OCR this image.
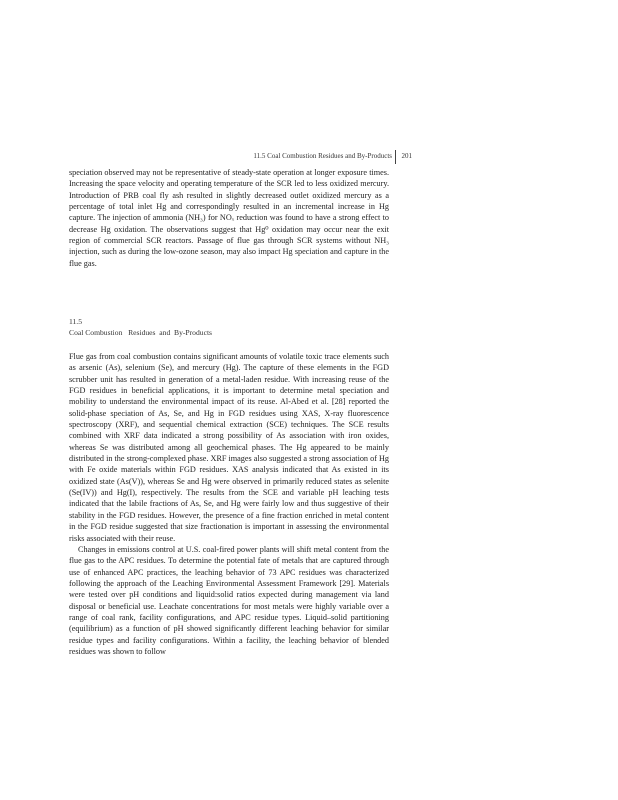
11.5 Coal Combustion Residues and By-Products 201

speciation observed may not be representative of steady-state operation at longer exposure times. Increasing the space velocity and operating temperature of the SCR led to less oxidized mercury. Introduction of PRB coal fly ash resulted in slightly decreased outlet oxidized mercury as a percentage of total inlet Hg and correspondingly resulted in an incremental increase in Hg capture. The injection of ammonia (NH₃) for NOₓ reduction was found to have a strong effect to decrease Hg oxidation. The observations suggest that Hg⁰ oxidation may occur near the exit region of commercial SCR reactors. Passage of flue gas through SCR systems without NH₃ injection, such as during the low-ozone season, may also impact Hg speciation and capture in the flue gas.

11.5
Coal Combustion   Residues  and  By-Products

Flue gas from coal combustion contains significant amounts of volatile toxic trace elements such as arsenic (As), selenium (Se), and mercury (Hg). The capture of these elements in the FGD scrubber unit has resulted in generation of a metal-laden residue. With increasing reuse of the FGD residues in beneficial applications, it is important to determine metal speciation and mobility to understand the environmental impact of its reuse. Al-Abed et al. [28] reported the solid-phase speciation of As, Se, and Hg in FGD residues using XAS, X-ray fluorescence spectroscopy (XRF), and sequential chemical extraction (SCE) techniques. The SCE results combined with XRF data indicated a strong possibility of As association with iron oxides, whereas Se was distributed among all geochemical phases. The Hg appeared to be mainly distributed in the strong-complexed phase. XRF images also suggested a strong association of Hg with Fe oxide materials within FGD residues. XAS analysis indicated that As existed in its oxidized state (As(V)), whereas Se and Hg were observed in primarily reduced states as selenite (Se(IV)) and Hg(I), respectively. The results from the SCE and variable pH leaching tests indicated that the labile fractions of As, Se, and Hg were fairly low and thus suggestive of their stability in the FGD residues. However, the presence of a fine fraction enriched in metal content in the FGD residue suggested that size fractionation is important in assessing the environmental risks associated with their reuse.

Changes in emissions control at U.S. coal-fired power plants will shift metal content from the flue gas to the APC residues. To determine the potential fate of metals that are captured through use of enhanced APC practices, the leaching behavior of 73 APC residues was characterized following the approach of the Leaching Environmental Assessment Framework [29]. Materials were tested over pH conditions and liquid:solid ratios expected during management via land disposal or beneficial use. Leachate concentrations for most metals were highly variable over a range of coal rank, facility configurations, and APC residue types. Liquid–solid partitioning (equilibrium) as a function of pH showed significantly different leaching behavior for similar residue types and facility configurations. Within a facility, the leaching behavior of blended residues was shown to follow
